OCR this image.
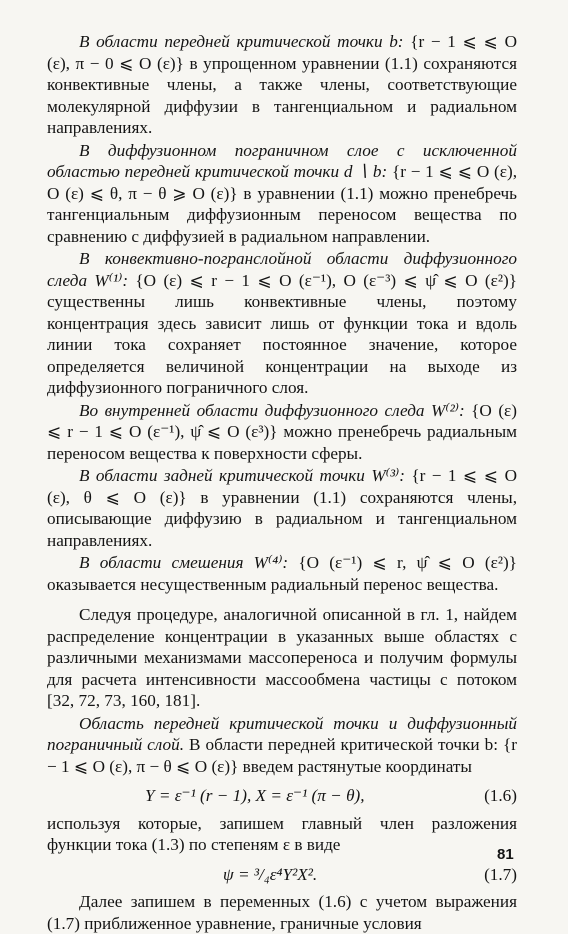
В области передней критической точки b: {r − 1 ⩽ ⩽ O (ε), π − 0 ⩽ O (ε)} в упрощенном уравнении (1.1) сохраняются конвективные члены, а также члены, соответствующие молекулярной диффузии в тангенциальном и радиальном направлениях.

В диффузионном пограничном слое с исключенной областью передней критической точки d ∖ b: {r − 1 ⩽ ⩽ O (ε), O (ε) ⩽ θ, π − θ ⩾ O (ε)} в уравнении (1.1) можно пренебречь тангенциальным диффузионным переносом вещества по сравнению с диффузией в радиальном направлении.

В конвективно-погранслойной области диффузионного следа W⁽¹⁾: {O (ε) ⩽ r − 1 ⩽ O (ε⁻¹), O (ε⁻³) ⩽ ψ̂ ⩽ O (ε²)} существенны лишь конвективные члены, поэтому концентрация здесь зависит лишь от функции тока и вдоль линии тока сохраняет постоянное значение, которое определяется величиной концентрации на выходе из диффузионного пограничного слоя.

Во внутренней области диффузионного следа W⁽²⁾: {O (ε) ⩽ r − 1 ⩽ O (ε⁻¹), ψ̂ ⩽ O (ε³)} можно пренебречь радиальным переносом вещества к поверхности сферы.

В области задней критической точки W⁽³⁾: {r − 1 ⩽ ⩽ O (ε), θ ⩽ O (ε)} в уравнении (1.1) сохраняются члены, описывающие диффузию в радиальном и тангенциальном направлениях.

В области смешения W⁽⁴⁾: {O (ε⁻¹) ⩽ r, ψ̂ ⩽ O (ε²)} оказывается несущественным радиальный перенос вещества.

Следуя процедуре, аналогичной описанной в гл. 1, найдем распределение концентрации в указанных выше областях с различными механизмами массопереноса и получим формулы для расчета интенсивности массообмена частицы с потоком [32, 72, 73, 160, 181].

Область передней критической точки и диффузионный пограничный слой. В области передней критической точки b: {r − 1 ⩽ O (ε), π − θ ⩽ O (ε)} введем растянутые координаты

Y = ε⁻¹ (r − 1), X = ε⁻¹ (π − θ),	(1.6)

используя которые, запишем главный член разложения функции тока (1.3) по степеням ε в виде

ψ = ³/₄ε⁴Y²X².	(1.7)

Далее запишем в переменных (1.6) с учетом выражения (1.7) приближенное уравнение, граничные условия

81
